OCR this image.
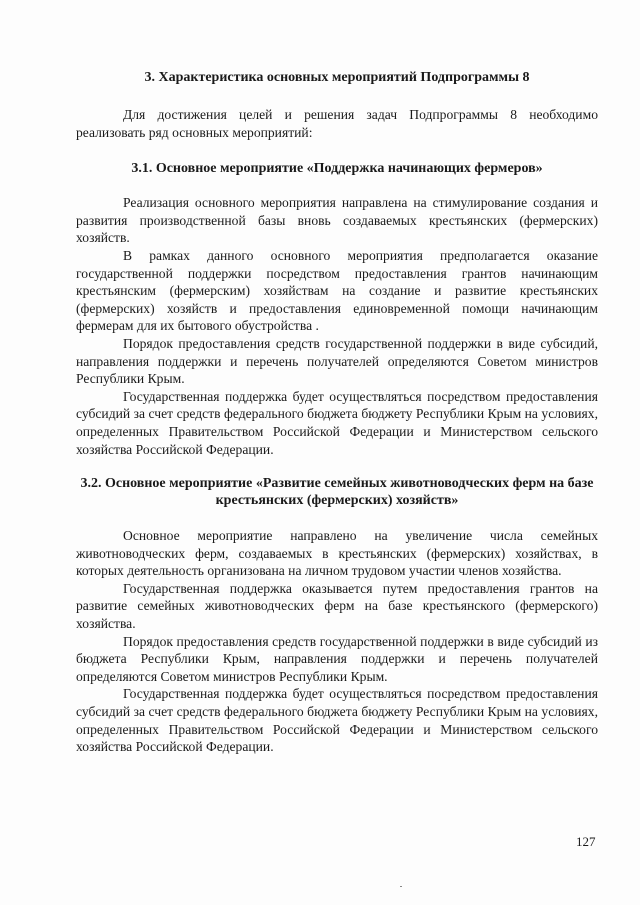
3. Характеристика основных мероприятий Подпрограммы 8

Для достижения целей и решения задач Подпрограммы 8 необходимо реализовать ряд основных мероприятий:

3.1. Основное мероприятие «Поддержка начинающих фермеров»

Реализация основного мероприятия направлена на стимулирование создания и развития производственной базы вновь создаваемых крестьянских (фермерских) хозяйств.

В рамках данного основного мероприятия предполагается оказание государственной поддержки посредством предоставления грантов начинающим крестьянским (фермерским) хозяйствам на создание и развитие крестьянских (фермерских) хозяйств и предоставления единовременной помощи начинающим фермерам для их бытового обустройства .

Порядок предоставления средств государственной поддержки в виде субсидий, направления поддержки и перечень получателей определяются Советом министров Республики Крым.

Государственная поддержка будет осуществляться посредством предоставления субсидий за счет средств федерального бюджета бюджету Республики Крым на условиях, определенных Правительством Российской Федерации и Министерством сельского хозяйства Российской Федерации.

3.2. Основное мероприятие «Развитие семейных животноводческих ферм на базе крестьянских (фермерских) хозяйств»

Основное мероприятие направлено на увеличение числа семейных животноводческих ферм, создаваемых в крестьянских (фермерских) хозяйствах, в которых деятельность организована на личном трудовом участии членов хозяйства.

Государственная поддержка оказывается путем предоставления грантов на развитие семейных животноводческих ферм на базе крестьянского (фермерского) хозяйства.

Порядок предоставления средств государственной поддержки в виде субсидий из бюджета Республики Крым, направления поддержки и перечень получателей определяются Советом министров Республики Крым.

Государственная поддержка будет осуществляться посредством предоставления субсидий за счет средств федерального бюджета бюджету Республики Крым на условиях, определенных Правительством Российской Федерации и Министерством сельского хозяйства Российской Федерации.

127
